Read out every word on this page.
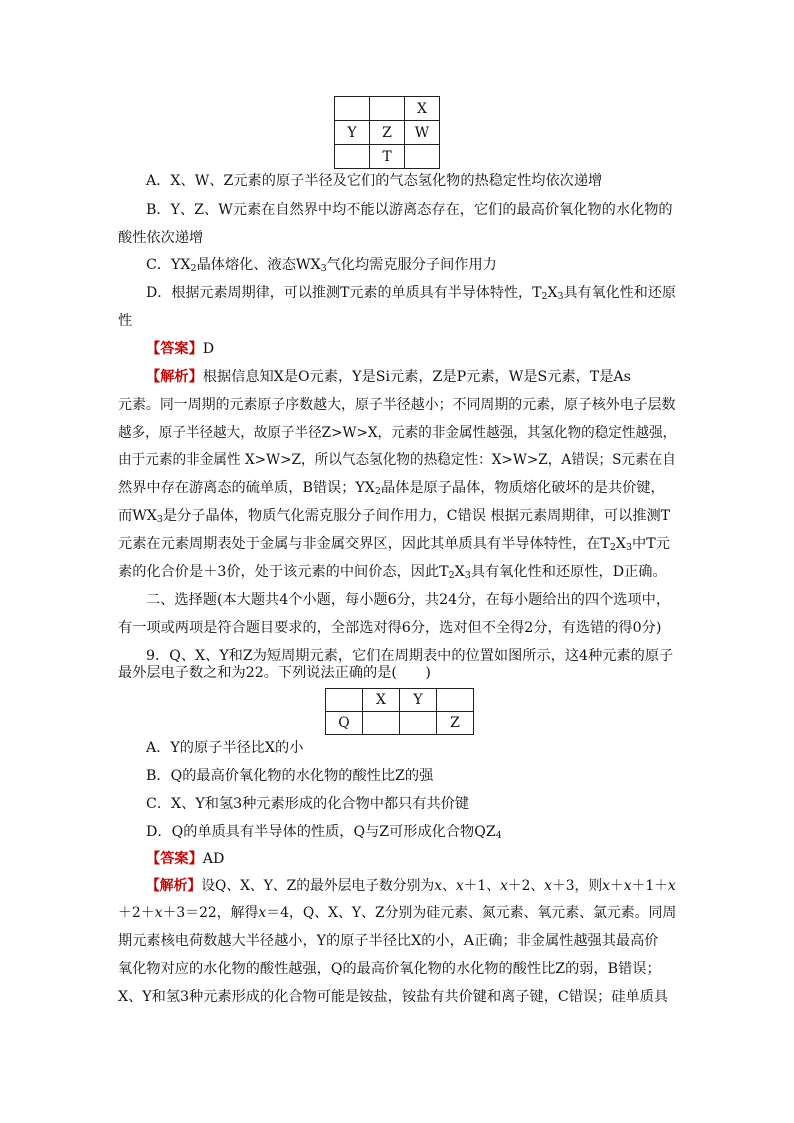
		X
Y	Z	W
	T	
A．X、W、Z元素的原子半径及它们的气态氢化物的热稳定性均依次递增
B．Y、Z、W元素在自然界中均不能以游离态存在，它们的最高价氧化物的水化物的
酸性依次递增
C．$YX_2$晶体熔化、液态$WX_3$气化均需克服分子间作用力
D．根据元素周期律，可以推测T元素的单质具有半导体特性，$T_2X_3$具有氧化性和还原
性
【答案】D
【解析】根据信息知X是O元素，Y是Si元素，Z是P元素，W是S元素，T是As
元素。同一周期的元素原子序数越大，原子半径越小；不同周期的元素，原子核外电子层数
越多，原子半径越大，故原子半径Z>W>X，元素的非金属性越强，其氢化物的稳定性越强，
由于元素的非金属性 X>W>Z，所以气态氢化物的热稳定性：X>W>Z，A错误；S元素在自
然界中存在游离态的硫单质，B错误；$YX_2$晶体是原子晶体，物质熔化破坏的是共价键，
而$WX_3$是分子晶体，物质气化需克服分子间作用力，C错误 根据元素周期律，可以推测T
元素在元素周期表处于金属与非金属交界区，因此其单质具有半导体特性，在$T_2X_3$中T元
素的化合价是＋3价，处于该元素的中间价态，因此$T_2X_3$具有氧化性和还原性，D正确。
二、选择题(本大题共4个小题，每小题6分，共24分，在每小题给出的四个选项中，
有一项或两项是符合题目要求的，全部选对得6分，选对但不全得2分，有选错的得0分)
9．Q、X、Y和Z为短周期元素，它们在周期表中的位置如图所示，这4种元素的原子
最外层电子数之和为22。下列说法正确的是(　　)
	X	Y	
Q			Z
A．Y的原子半径比X的小
B．Q的最高价氧化物的水化物的酸性比Z的强
C．X、Y和氢3种元素形成的化合物中都只有共价键
D．Q的单质具有半导体的性质，Q与Z可形成化合物$QZ_4$
【答案】AD
【解析】设Q、X、Y、Z的最外层电子数分别为x、x＋1、x＋2、x＋3，则x＋x＋1＋x
＋2＋x＋3＝22，解得x＝4，Q、X、Y、Z分别为硅元素、氮元素、氧元素、氯元素。同周
期元素核电荷数越大半径越小，Y的原子半径比X的小，A正确；非金属性越强其最高价
氧化物对应的水化物的酸性越强，Q的最高价氧化物的水化物的酸性比Z的弱，B错误；
X、Y和氢3种元素形成的化合物可能是铵盐，铵盐有共价键和离子键，C错误；硅单质具
